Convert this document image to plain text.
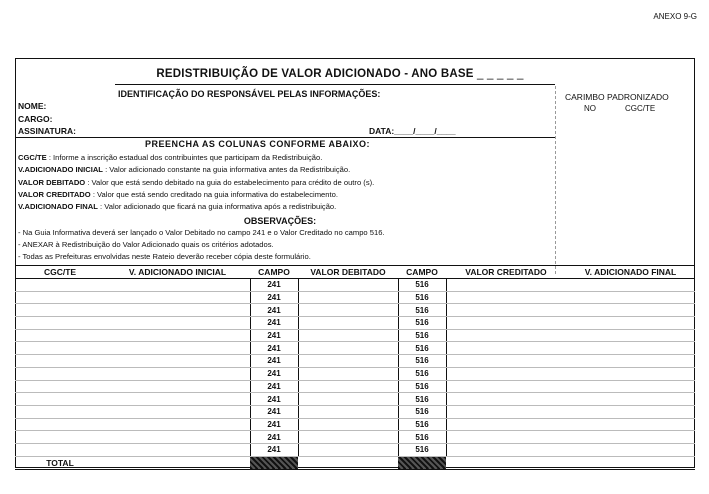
ANEXO 9-G
REDISTRIBUIÇÃO DE VALOR ADICIONADO - ANO BASE _ _ _ _ _
IDENTIFICAÇÃO DO RESPONSÁVEL PELAS INFORMAÇÕES:
NOME:
CARGO:
ASSINATURA:	DATA:____/____/____
CARIMBO PADRONIZADO
NO	CGC/TE
PREENCHA AS COLUNAS CONFORME ABAIXO:
CGC/TE : Informe a inscrição estadual dos contribuintes que participam da Redistribuição.
V.ADICIONADO INICIAL : Valor adicionado constante na guia informativa antes da Redistribuição.
VALOR DEBITADO : Valor que está sendo debitado na guia do estabelecimento para crédito de outro (s).
VALOR CREDITADO : Valor que está sendo creditado na guia informativa do estabelecimento.
V.ADICIONADO FINAL : Valor adicionado que ficará na guia informativa após a redistribuição.
OBSERVAÇÕES:
- Na Guia Informativa deverá ser lançado o Valor Debitado no campo 241 e o Valor Creditado no campo 516.
- ANEXAR à Redistribuição do Valor Adicionado quais os critérios adotados.
- Todas as Prefeituras envolvidas neste Rateio deverão receber cópia deste formulário.
CGC/TE	V. ADICIONADO INICIAL	CAMPO	VALOR DEBITADO	CAMPO	VALOR CREDITADO	V. ADICIONADO FINAL
		241		516		
		241		516		
		241		516		
		241		516		
		241		516		
		241		516		
		241		516		
		241		516		
		241		516		
		241		516		
		241		516		
		241		516		
		241		516		
		241		516		
TOTAL						
